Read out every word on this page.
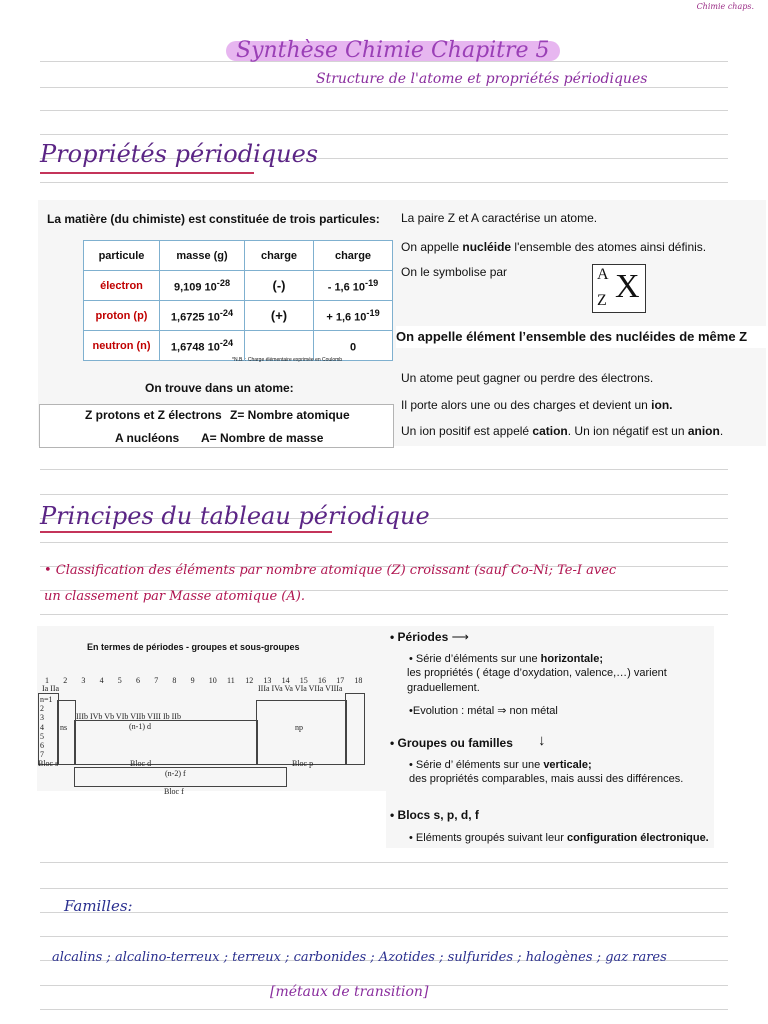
Chimie chaps.
Synthèse Chimie Chapitre 5
Structure de l'atome et propriétés périodiques
Propriétés périodiques
La matière (du chimiste) est constituée de trois particules:
particule	masse (g)	charge	charge
électron	9,109 $10^{-28}$	(-)	- 1,6 $10^{-19}$
proton (p)	1,6725 $10^{-24}$	(+)	+ 1,6 $10^{-19}$
neutron (n)	1,6748 $10^{-24}$		0
*N.B. : Charge élémentaire exprimée en Coulomb
On trouve dans un atome:
Z protons et Z électrons Z= Nombre atomique
A nucléons A= Nombre de masse
La paire Z et A caractérise un atome.
On appelle nucléide l'ensemble des atomes ainsi définis.
On le symbolise par	A
Z X
On appelle élément l’ensemble des nucléides de même Z
Un atome peut gagner ou perdre des électrons.
Il porte alors une ou des charges et devient un ion.
Un ion positif est appelé cation. Un ion négatif est un anion.
Principes du tableau périodique
• Classification des éléments par nombre atomique (Z) croissant (sauf Co-Ni; Te-I avec
un classement par Masse atomique (A).
En termes de périodes - groupes et sous-groupes
1 2 3 4 5 6 7 8 9 10 11 12 13 14 15 16 17 18
Ia IIa	IIIa IVa Va VIa VIIa VIIIa
IIIb IVb Vb VIb VIIb VIII Ib IIb
n=1
2
3
4
5
6
7
ns	(n-1) d	np
Bloc s	Bloc d	Bloc p
(n-2) f
Bloc f
• Périodes ⟶
• Série d’éléments sur une horizontale;
les propriétés ( étage d’oxydation, valence,…) varient
graduellement.
•Evolution : métal ⇒ non métal
• Groupes ou familles ↓
• Série d’ éléments sur une verticale;
des propriétés comparables, mais aussi des différences.
• Blocs s, p, d, f
• Eléments groupés suivant leur configuration électronique.
Familles:
alcalins ; alcalino-terreux ; terreux ; carbonides ; Azotides ; sulfurides ; halogènes ; gaz rares
[métaux de transition]
